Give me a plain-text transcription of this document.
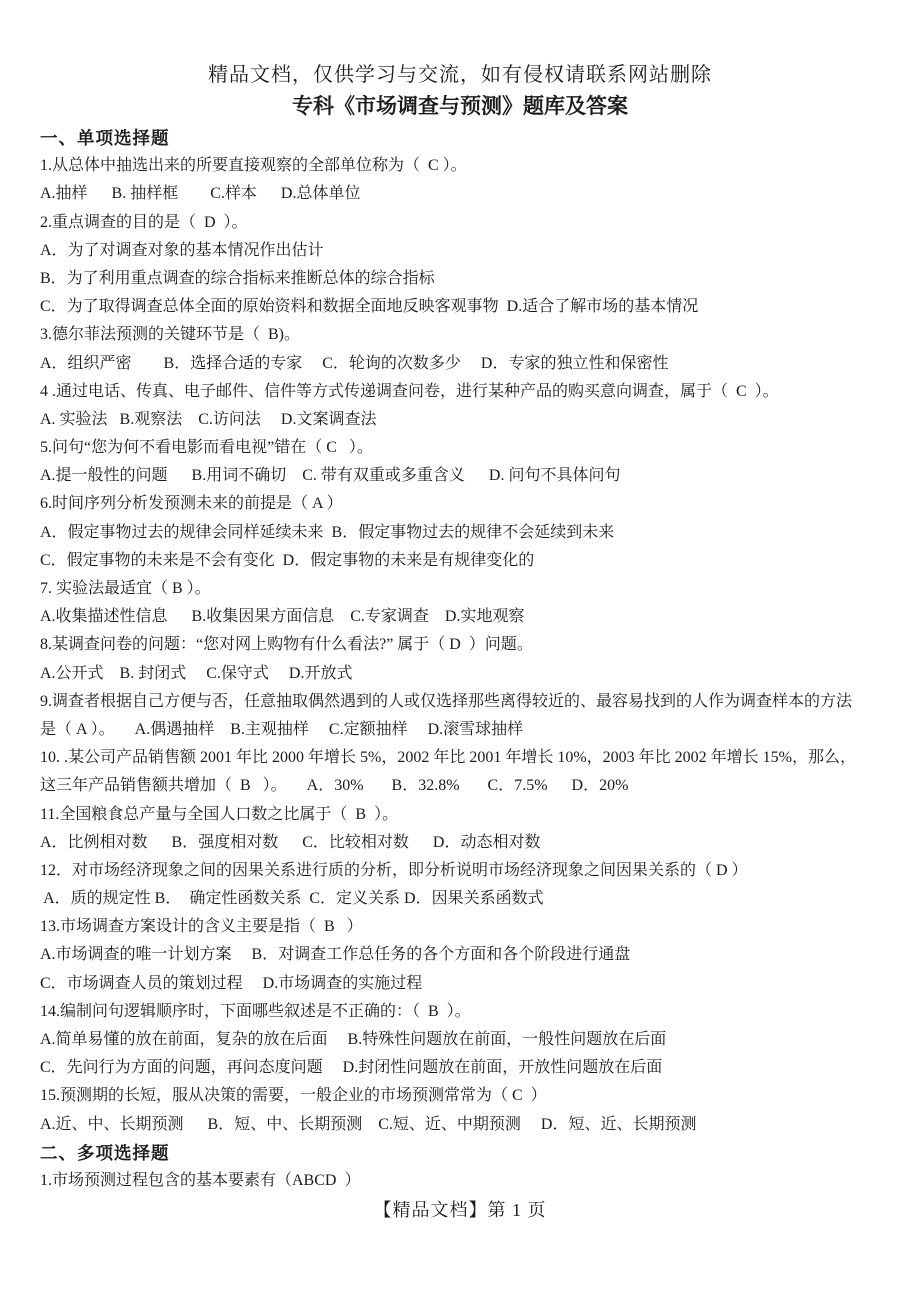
精品文档，仅供学习与交流，如有侵权请联系网站删除
专科《市场调查与预测》题库及答案
一、单项选择题
1.从总体中抽选出来的所要直接观察的全部单位称为（  C ）。
A.抽样      B. 抽样框        C.样本      D.总体单位
2.重点调查的目的是（  D  ）。
A．为了对调查对象的基本情况作出估计
B．为了利用重点调查的综合指标来推断总体的综合指标
C．为了取得调查总体全面的原始资料和数据全面地反映客观事物  D.适合了解市场的基本情况
3.德尔菲法预测的关键环节是（  B)。
A．组织严密        B．选择合适的专家     C．轮询的次数多少     D．专家的独立性和保密性
4 .通过电话、传真、电子邮件、信件等方式传递调查问卷，进行某种产品的购买意向调查，属于（  C  ）。
A. 实验法   B.观察法    C.访问法     D.文案调查法
5.问句“您为何不看电影而看电视”错在（ C   ）。
A.提一般性的问题      B.用词不确切    C. 带有双重或多重含义      D. 问句不具体问句
6.时间序列分析发预测未来的前提是（ A ）
A．假定事物过去的规律会同样延续未来  B．假定事物过去的规律不会延续到未来
C．假定事物的未来是不会有变化  D．假定事物的未来是有规律变化的
7. 实验法最适宜（ B ）。
A.收集描述性信息      B.收集因果方面信息    C.专家调查    D.实地观察
8.某调查问卷的问题：“您对网上购物有什么看法?” 属于（ D  ）问题。
A.公开式    B. 封闭式     C.保守式     D.开放式
9.调查者根据自己方便与否，任意抽取偶然遇到的人或仅选择那些离得较近的、最容易找到的人作为调查样本的方法
是（ A ）。     A.偶遇抽样    B.主观抽样     C.定额抽样     D.滚雪球抽样
10. .某公司产品销售额 2001 年比 2000 年增长 5%，2002 年比 2001 年增长 10%，2003 年比 2002 年增长 15%，那么，
这三年产品销售额共增加（  B   ）。     A．30%       B．32.8%       C．7.5%      D．20%
11.全国粮食总产量与全国人口数之比属于（  B  ）。
A．比例相对数      B．强度相对数      C．比较相对数      D．动态相对数
12．对市场经济现象之间的因果关系进行质的分析，即分析说明市场经济现象之间因果关系的（ D ）
A．质的规定性 B．  确定性函数关系  C．定义关系 D．因果关系函数式
13.市场调查方案设计的含义主要是指（  B   ）
A.市场调查的唯一计划方案     B．对调查工作总任务的各个方面和各个阶段进行通盘
C．市场调查人员的策划过程     D.市场调查的实施过程
14.编制问句逻辑顺序时，下面哪些叙述是不正确的：（  B  ）。
A.简单易懂的放在前面，复杂的放在后面     B.特殊性问题放在前面，一般性问题放在后面
C．先问行为方面的问题，再问态度问题     D.封闭性问题放在前面，开放性问题放在后面
15.预测期的长短，服从决策的需要，一般企业的市场预测常常为（ C  ）
A.近、中、长期预测      B．短、中、长期预测    C.短、近、中期预测     D．短、近、长期预测
二、多项选择题
1.市场预测过程包含的基本要素有（ABCD  ）
【精品文档】第 1 页
